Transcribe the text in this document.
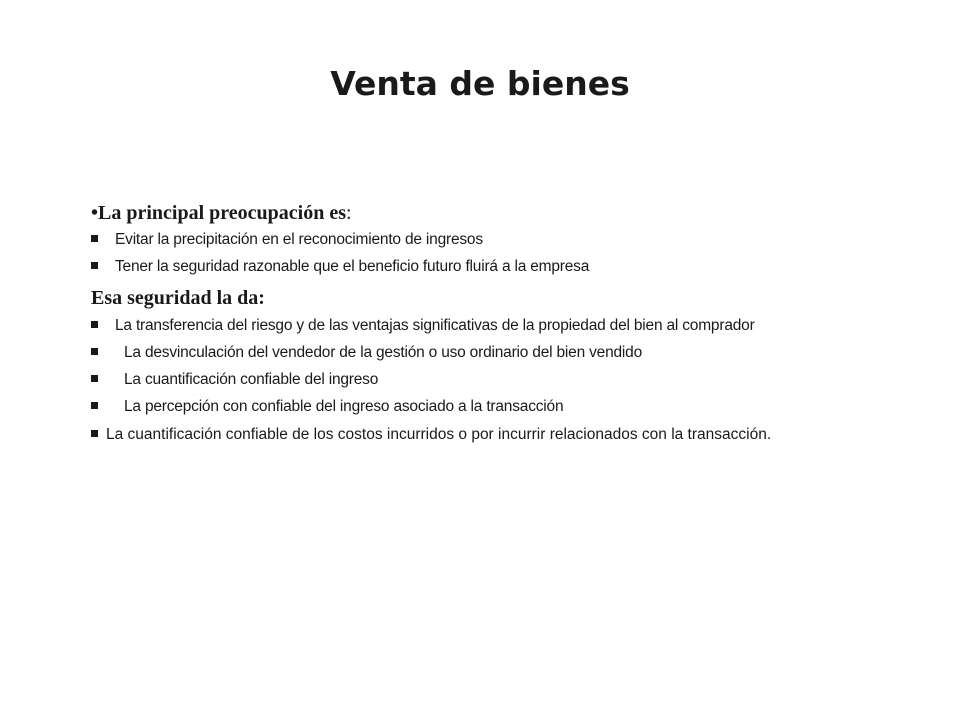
Venta de bienes
•La principal preocupación es:
Evitar la precipitación en el reconocimiento de ingresos
Tener la seguridad razonable que el beneficio futuro fluirá a la empresa
Esa seguridad la da:
La transferencia del riesgo y de las ventajas significativas de la propiedad del bien al comprador
La desvinculación del vendedor de la gestión o uso ordinario del bien vendido
La cuantificación confiable del ingreso
La percepción con confiable del ingreso asociado a la transacción
La cuantificación confiable de los costos incurridos o por incurrir relacionados con la transacción.
